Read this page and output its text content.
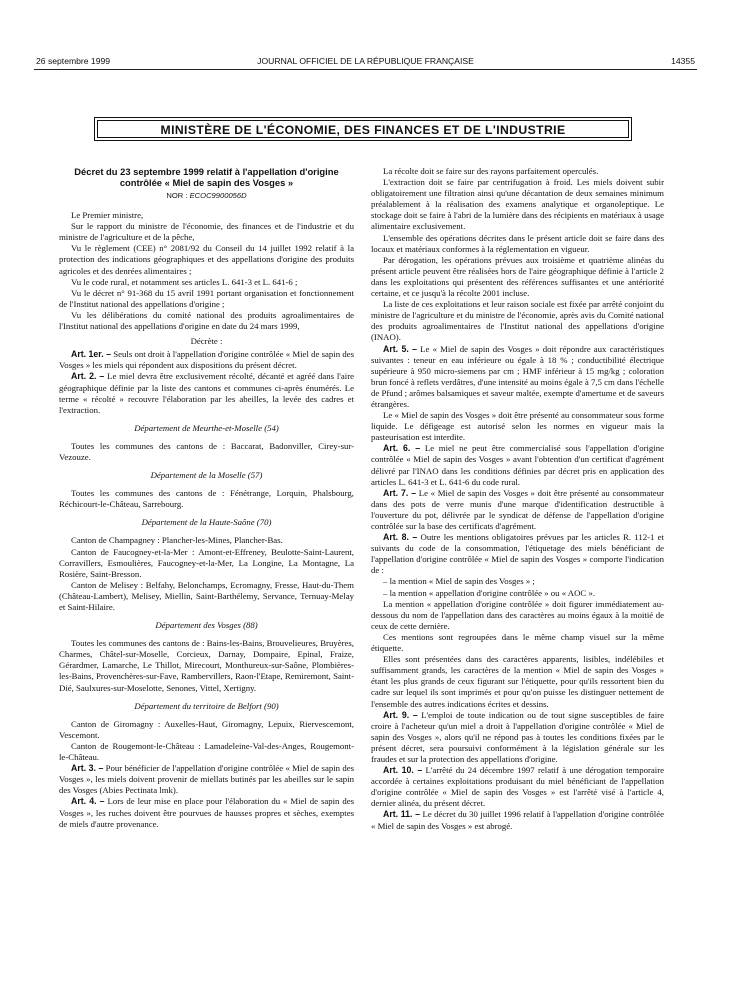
26 septembre 1999	JOURNAL OFFICIEL DE LA RÉPUBLIQUE FRANÇAISE	14355
MINISTÈRE DE L'ÉCONOMIE, DES FINANCES ET DE L'INDUSTRIE
Décret du 23 septembre 1999 relatif à l'appellation d'origine contrôlée « Miel de sapin des Vosges »
NOR : ECOC9900056D

Le Premier ministre,

Sur le rapport du ministre de l'économie, des finances et de l'industrie et du ministre de l'agriculture et de la pêche,

Vu le règlement (CEE) n° 2081/92 du Conseil du 14 juillet 1992 relatif à la protection des indications géographiques et des appellations d'origine des produits agricoles et des denrées alimentaires ;

Vu le code rural, et notamment ses articles L. 641-3 et L. 641-6 ;

Vu le décret n° 91-368 du 15 avril 1991 portant organisation et fonctionnement de l'Institut national des appellations d'origine ;

Vu les délibérations du comité national des produits agroalimentaires de l'Institut national des appellations d'origine en date du 24 mars 1999,

Décrète :

Art. 1er. – Seuls ont droit à l'appellation d'origine contrôlée « Miel de sapin des Vosges » les miels qui répondent aux dispositions du présent décret.

Art. 2. – Le miel devra être exclusivement récolté, décanté et agréé dans l'aire géographique définie par la liste des cantons et communes ci-après énumérés. Le terme « récolté » recouvre l'élaboration par les abeilles, la levée des cadres et l'extraction.

Département de Meurthe-et-Moselle (54)

Toutes les communes des cantons de : Baccarat, Badonviller, Cirey-sur-Vezouze.

Département de la Moselle (57)

Toutes les communes des cantons de : Fénétrange, Lorquin, Phalsbourg, Réchicourt-le-Château, Sarrebourg.

Département de la Haute-Saône (70)

Canton de Champagney : Plancher-les-Mines, Plancher-Bas.

Canton de Faucogney-et-la-Mer : Amont-et-Effreney, Beulotte-Saint-Laurent, Corravillers, Esmoulières, Faucogney-et-la-Mer, La Longine, La Montagne, La Rosière, Saint-Bresson.

Canton de Melisey : Belfahy, Belonchamps, Ecromagny, Fresse, Haut-du-Them (Château-Lambert), Melisey, Miellin, Saint-Barthélemy, Servance, Ternuay-Melay et Saint-Hilaire.

Département des Vosges (88)

Toutes les communes des cantons de : Bains-les-Bains, Brouvelieures, Bruyères, Charmes, Châtel-sur-Moselle, Corcieux, Darnay, Dompaire, Epinal, Fraize, Gérardmer, Lamarche, Le Thillot, Mirecourt, Monthureux-sur-Saône, Plombières-les-Bains, Provenchères-sur-Fave, Rambervillers, Raon-l'Etape, Remiremont, Saint-Dié, Saulxures-sur-Moselotte, Senones, Vittel, Xertigny.

Département du territoire de Belfort (90)

Canton de Giromagny : Auxelles-Haut, Giromagny, Lepuix, Riervescemont, Vescemont.

Canton de Rougemont-le-Château : Lamadeleine-Val-des-Anges, Rougemont-le-Château.

Art. 3. – Pour bénéficier de l'appellation d'origine contrôlée « Miel de sapin des Vosges », les miels doivent provenir de miellats butinés par les abeilles sur le sapin des Vosges (Abies Pectinata lmk).

Art. 4. – Lors de leur mise en place pour l'élaboration du « Miel de sapin des Vosges », les ruches doivent être pourvues de hausses propres et sèches, exemptes de miels d'autre provenance.

La récolte doit se faire sur des rayons parfaitement operculés.

L'extraction doit se faire par centrifugation à froid. Les miels doivent subir obligatoirement une filtration ainsi qu'une décantation de deux semaines minimum préalablement à la réalisation des examens analytique et organoleptique. Le stockage doit se faire à l'abri de la lumière dans des récipients en matériaux à usage alimentaire exclusivement.

L'ensemble des opérations décrites dans le présent article doit se faire dans des locaux et matériaux conformes à la réglementation en vigueur.

Par dérogation, les opérations prévues aux troisième et quatrième alinéas du présent article peuvent être réalisées hors de l'aire géographique définie à l'article 2 dans les exploitations qui présentent des références suffisantes et une antériorité certaine, et ce jusqu'à la récolte 2001 incluse.

La liste de ces exploitations et leur raison sociale est fixée par arrêté conjoint du ministre de l'agriculture et du ministre de l'économie, après avis du Comité national des produits agroalimentaires de l'Institut national des appellations d'origine (INAO).

Art. 5. – Le « Miel de sapin des Vosges » doit répondre aux caractéristiques suivantes : teneur en eau inférieure ou égale à 18 % ; conductibilité électrique supérieure à 950 micro-siemens par cm ; HMF inférieur à 15 mg/kg ; coloration brun foncé à reflets verdâtres, d'une intensité au moins égale à 7,5 cm dans l'échelle de Pfund ; arômes balsamiques et saveur maltée, exempte d'amertume et de saveurs étrangères.

Le « Miel de sapin des Vosges » doit être présenté au consommateur sous forme liquide. Le défigeage est autorisé selon les normes en vigueur mais la pasteurisation est interdite.

Art. 6. – Le miel ne peut être commercialisé sous l'appellation d'origine contrôlée « Miel de sapin des Vosges » avant l'obtention d'un certificat d'agrément délivré par l'INAO dans les conditions définies par décret pris en application des articles L. 641-3 et L. 641-6 du code rural.

Art. 7. – Le « Miel de sapin des Vosges » doit être présenté au consommateur dans des pots de verre munis d'une marque d'identification destructible à l'ouverture du pot, délivrée par le syndicat de défense de l'appellation d'origine contrôlée sur la base des certificats d'agrément.

Art. 8. – Outre les mentions obligatoires prévues par les articles R. 112-1 et suivants du code de la consommation, l'étiquetage des miels bénéficiant de l'appellation d'origine contrôlée « Miel de sapin des Vosges » comporte l'indication de :

– la mention « Miel de sapin des Vosges » ;

– la mention « appellation d'origine contrôlée » ou « AOC ».

La mention « appellation d'origine contrôlée » doit figurer immédiatement au-dessous du nom de l'appellation dans des caractères au moins égaux à la moitié de ceux de cette dernière.

Ces mentions sont regroupées dans le même champ visuel sur la même étiquette.

Elles sont présentées dans des caractères apparents, lisibles, indélébiles et suffisamment grands, les caractères de la mention « Miel de sapin des Vosges » étant les plus grands de ceux figurant sur l'étiquette, pour qu'ils ressortent bien du cadre sur lequel ils sont imprimés et pour qu'on puisse les distinguer nettement de l'ensemble des autres indications écrites et dessins.

Art. 9. – L'emploi de toute indication ou de tout signe susceptibles de faire croire à l'acheteur qu'un miel a droit à l'appellation d'origine contrôlée « Miel de sapin des Vosges », alors qu'il ne répond pas à toutes les conditions fixées par le présent décret, sera poursuivi conformément à la législation générale sur les fraudes et sur la protection des appellations d'origine.

Art. 10. – L'arrêté du 24 décembre 1997 relatif à une dérogation temporaire accordée à certaines exploitations produisant du miel bénéficiant de l'appellation d'origine contrôlée « Miel de sapin des Vosges » est l'arrêté visé à l'article 4, dernier alinéa, du présent décret.

Art. 11. – Le décret du 30 juillet 1996 relatif à l'appellation d'origine contrôlée « Miel de sapin des Vosges » est abrogé.
